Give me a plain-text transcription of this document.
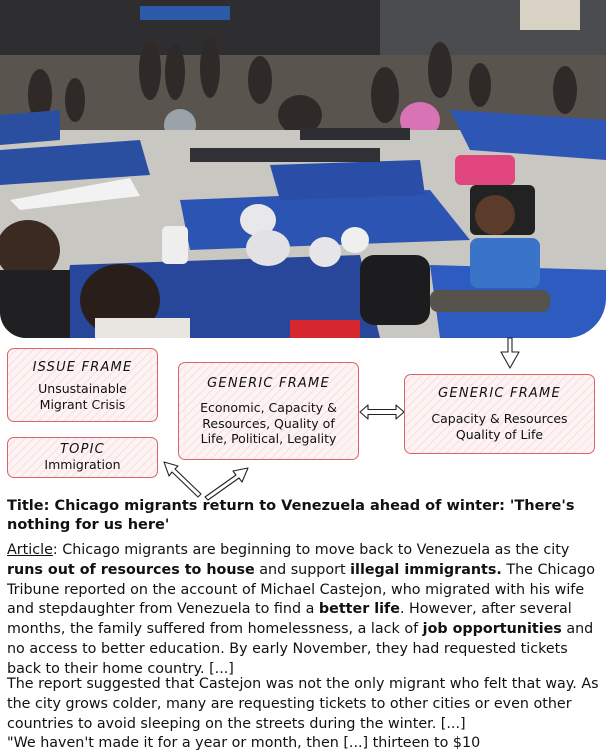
ISSUE FRAME
Unsustainable
Migrant Crisis
TOPIC
Immigration
GENERIC FRAME
Economic, Capacity &
Resources, Quality of
Life, Political, Legality
GENERIC FRAME
Capacity & Resources
Quality of Life
Title: Chicago migrants return to Venezuela ahead of winter: 'There's nothing for us here'
Article: Chicago migrants are beginning to move back to Venezuela as the city runs out of resources to house and support illegal immigrants. The Chicago Tribune reported on the account of Michael Castejon, who migrated with his wife and stepdaughter from Venezuela to find a better life. However, after several months, the family suffered from homelessness, a lack of job opportunities and no access to better education. By early November, they had requested tickets back to their home country. [...]
The report suggested that Castejon was not the only migrant who felt that way. As the city grows colder, many are requesting tickets to other cities or even other countries to avoid sleeping on the streets during the winter. [...]
"We haven't made it for a year or month, then [...] thirteen to $10
